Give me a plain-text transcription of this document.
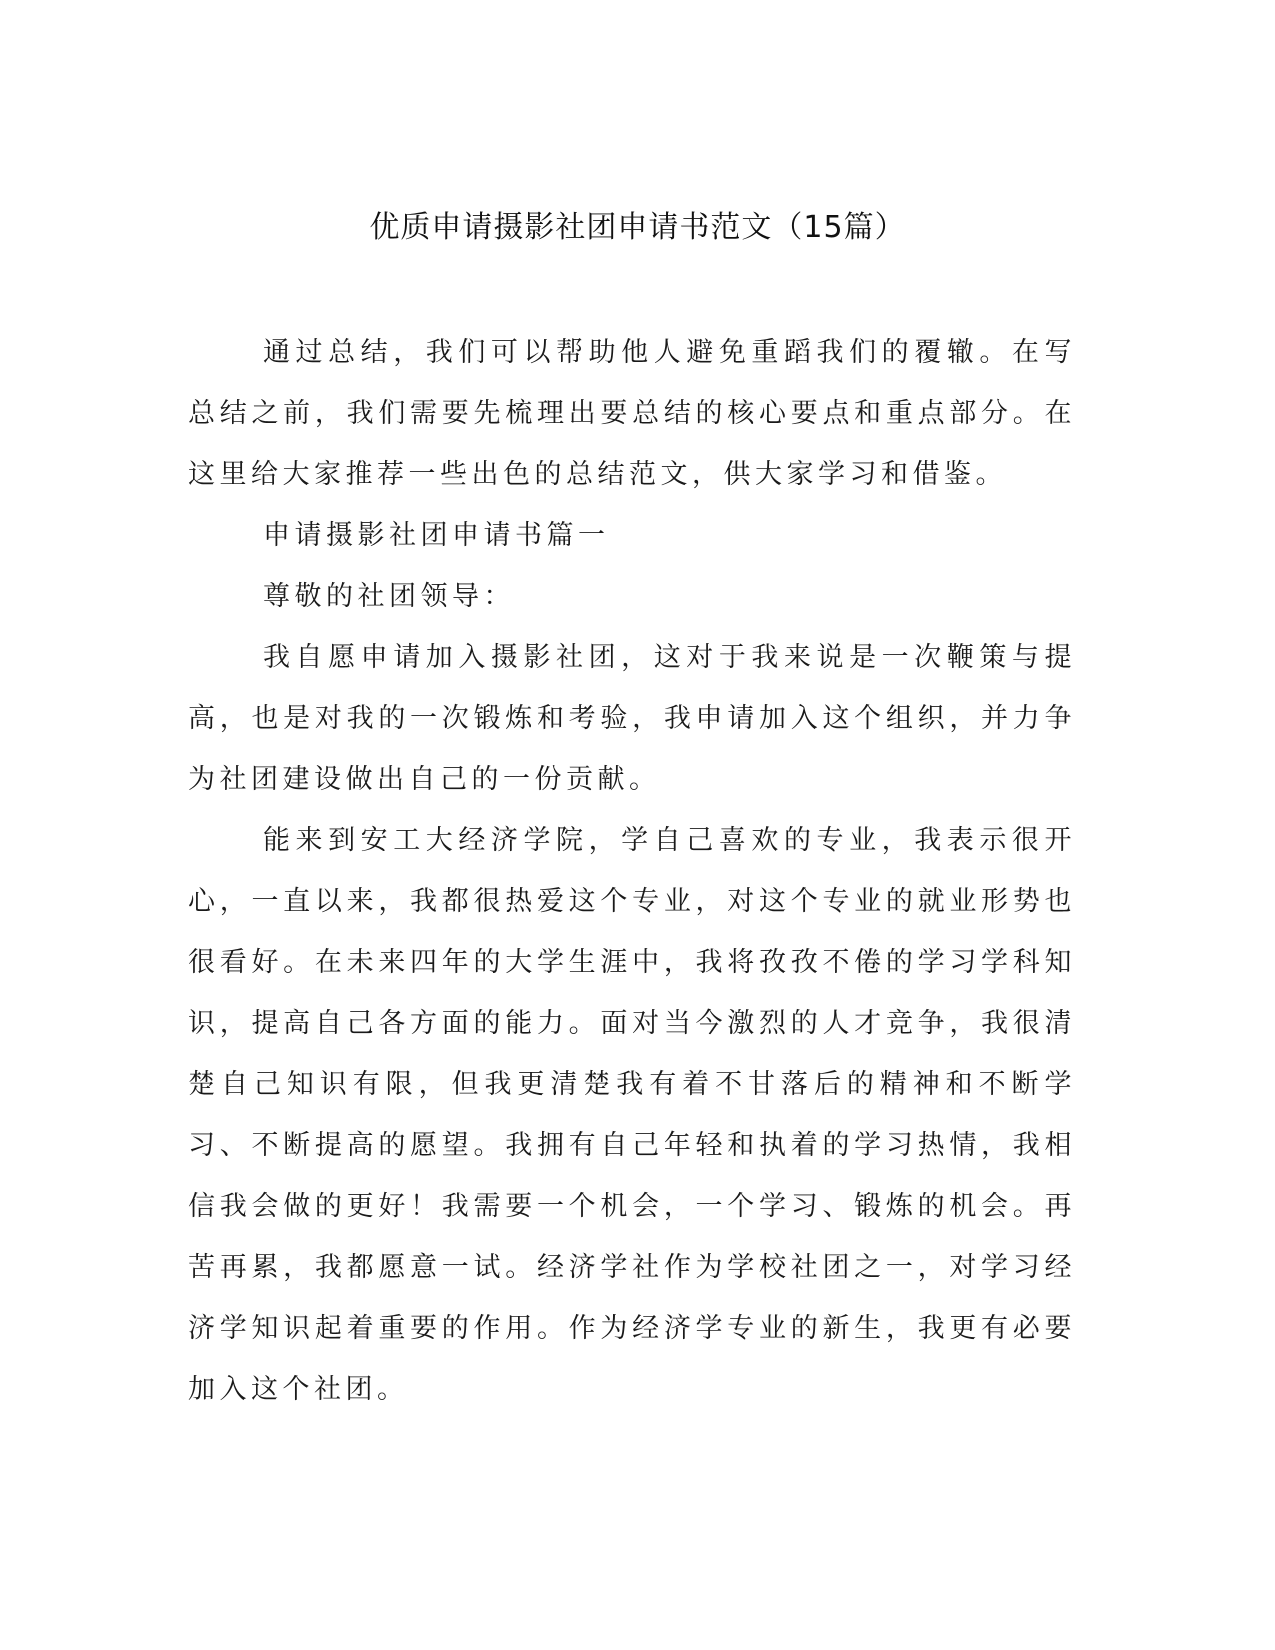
优质申请摄影社团申请书范文（15篇）

通过总结，我们可以帮助他人避免重蹈我们的覆辙。在写总结之前，我们需要先梳理出要总结的核心要点和重点部分。在这里给大家推荐一些出色的总结范文，供大家学习和借鉴。

申请摄影社团申请书篇一

尊敬的社团领导：

我自愿申请加入摄影社团，这对于我来说是一次鞭策与提高，也是对我的一次锻炼和考验，我申请加入这个组织，并力争为社团建设做出自己的一份贡献。

能来到安工大经济学院，学自己喜欢的专业，我表示很开心，一直以来，我都很热爱这个专业，对这个专业的就业形势也很看好。在未来四年的大学生涯中，我将孜孜不倦的学习学科知识，提高自己各方面的能力。面对当今激烈的人才竞争，我很清楚自己知识有限，但我更清楚我有着不甘落后的精神和不断学习、不断提高的愿望。我拥有自己年轻和执着的学习热情，我相信我会做的更好！我需要一个机会，一个学习、锻炼的机会。再苦再累，我都愿意一试。经济学社作为学校社团之一，对学习经济学知识起着重要的作用。作为经济学专业的新生，我更有必要加入这个社团。
